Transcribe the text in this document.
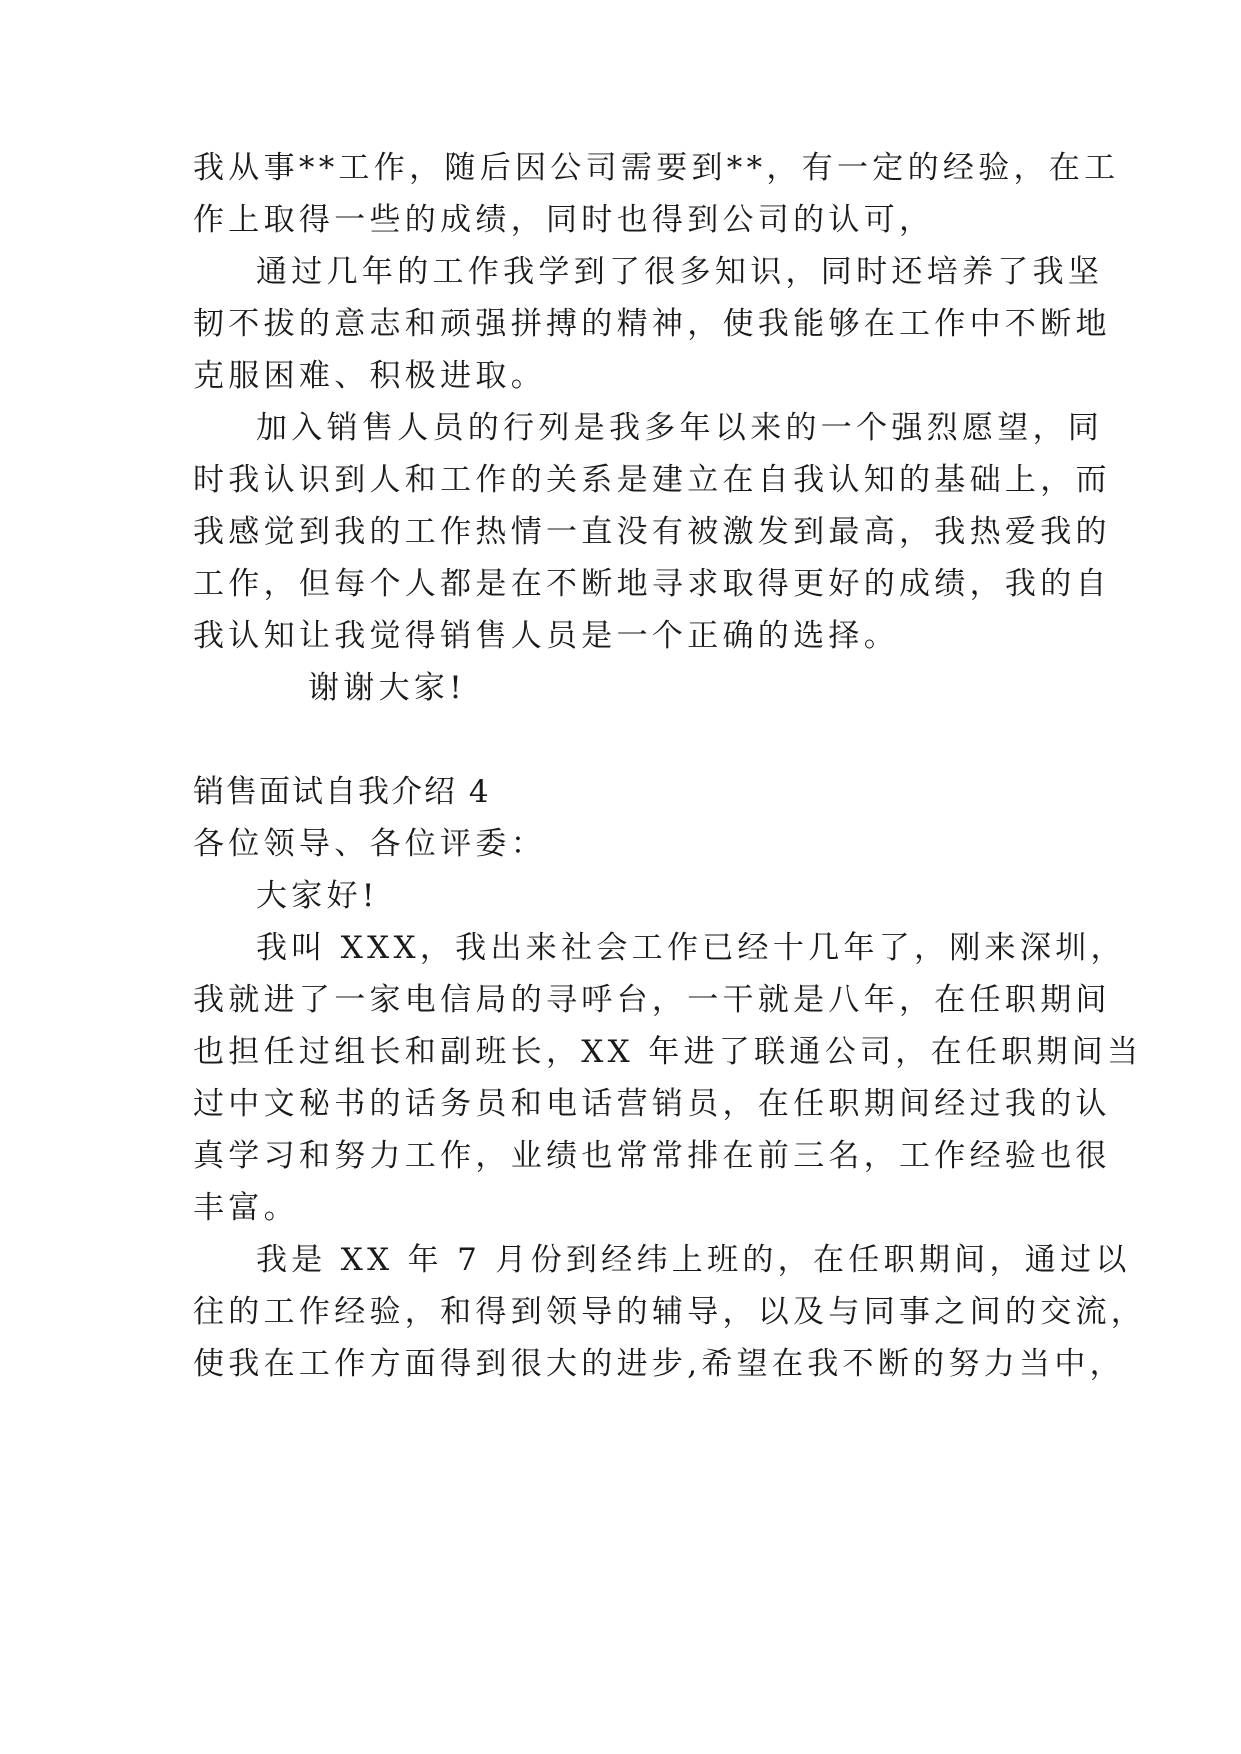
我从事**工作，随后因公司需要到**，有一定的经验，在工
作上取得一些的成绩，同时也得到公司的认可，
通过几年的工作我学到了很多知识，同时还培养了我坚
韧不拔的意志和顽强拼搏的精神，使我能够在工作中不断地
克服困难、积极进取。
加入销售人员的行列是我多年以来的一个强烈愿望，同
时我认识到人和工作的关系是建立在自我认知的基础上，而
我感觉到我的工作热情一直没有被激发到最高，我热爱我的
工作，但每个人都是在不断地寻求取得更好的成绩，我的自
我认知让我觉得销售人员是一个正确的选择。
谢谢大家!
销售面试自我介绍 4
各位领导、各位评委：
大家好!
我叫 XXX，我出来社会工作已经十几年了，刚来深圳，
我就进了一家电信局的寻呼台，一干就是八年，在任职期间
也担任过组长和副班长，XX 年进了联通公司，在任职期间当
过中文秘书的话务员和电话营销员，在任职期间经过我的认
真学习和努力工作，业绩也常常排在前三名，工作经验也很
丰富。
我是 XX 年 7 月份到经纬上班的，在任职期间，通过以
往的工作经验，和得到领导的辅导，以及与同事之间的交流，
使我在工作方面得到很大的进步,希望在我不断的努力当中，
